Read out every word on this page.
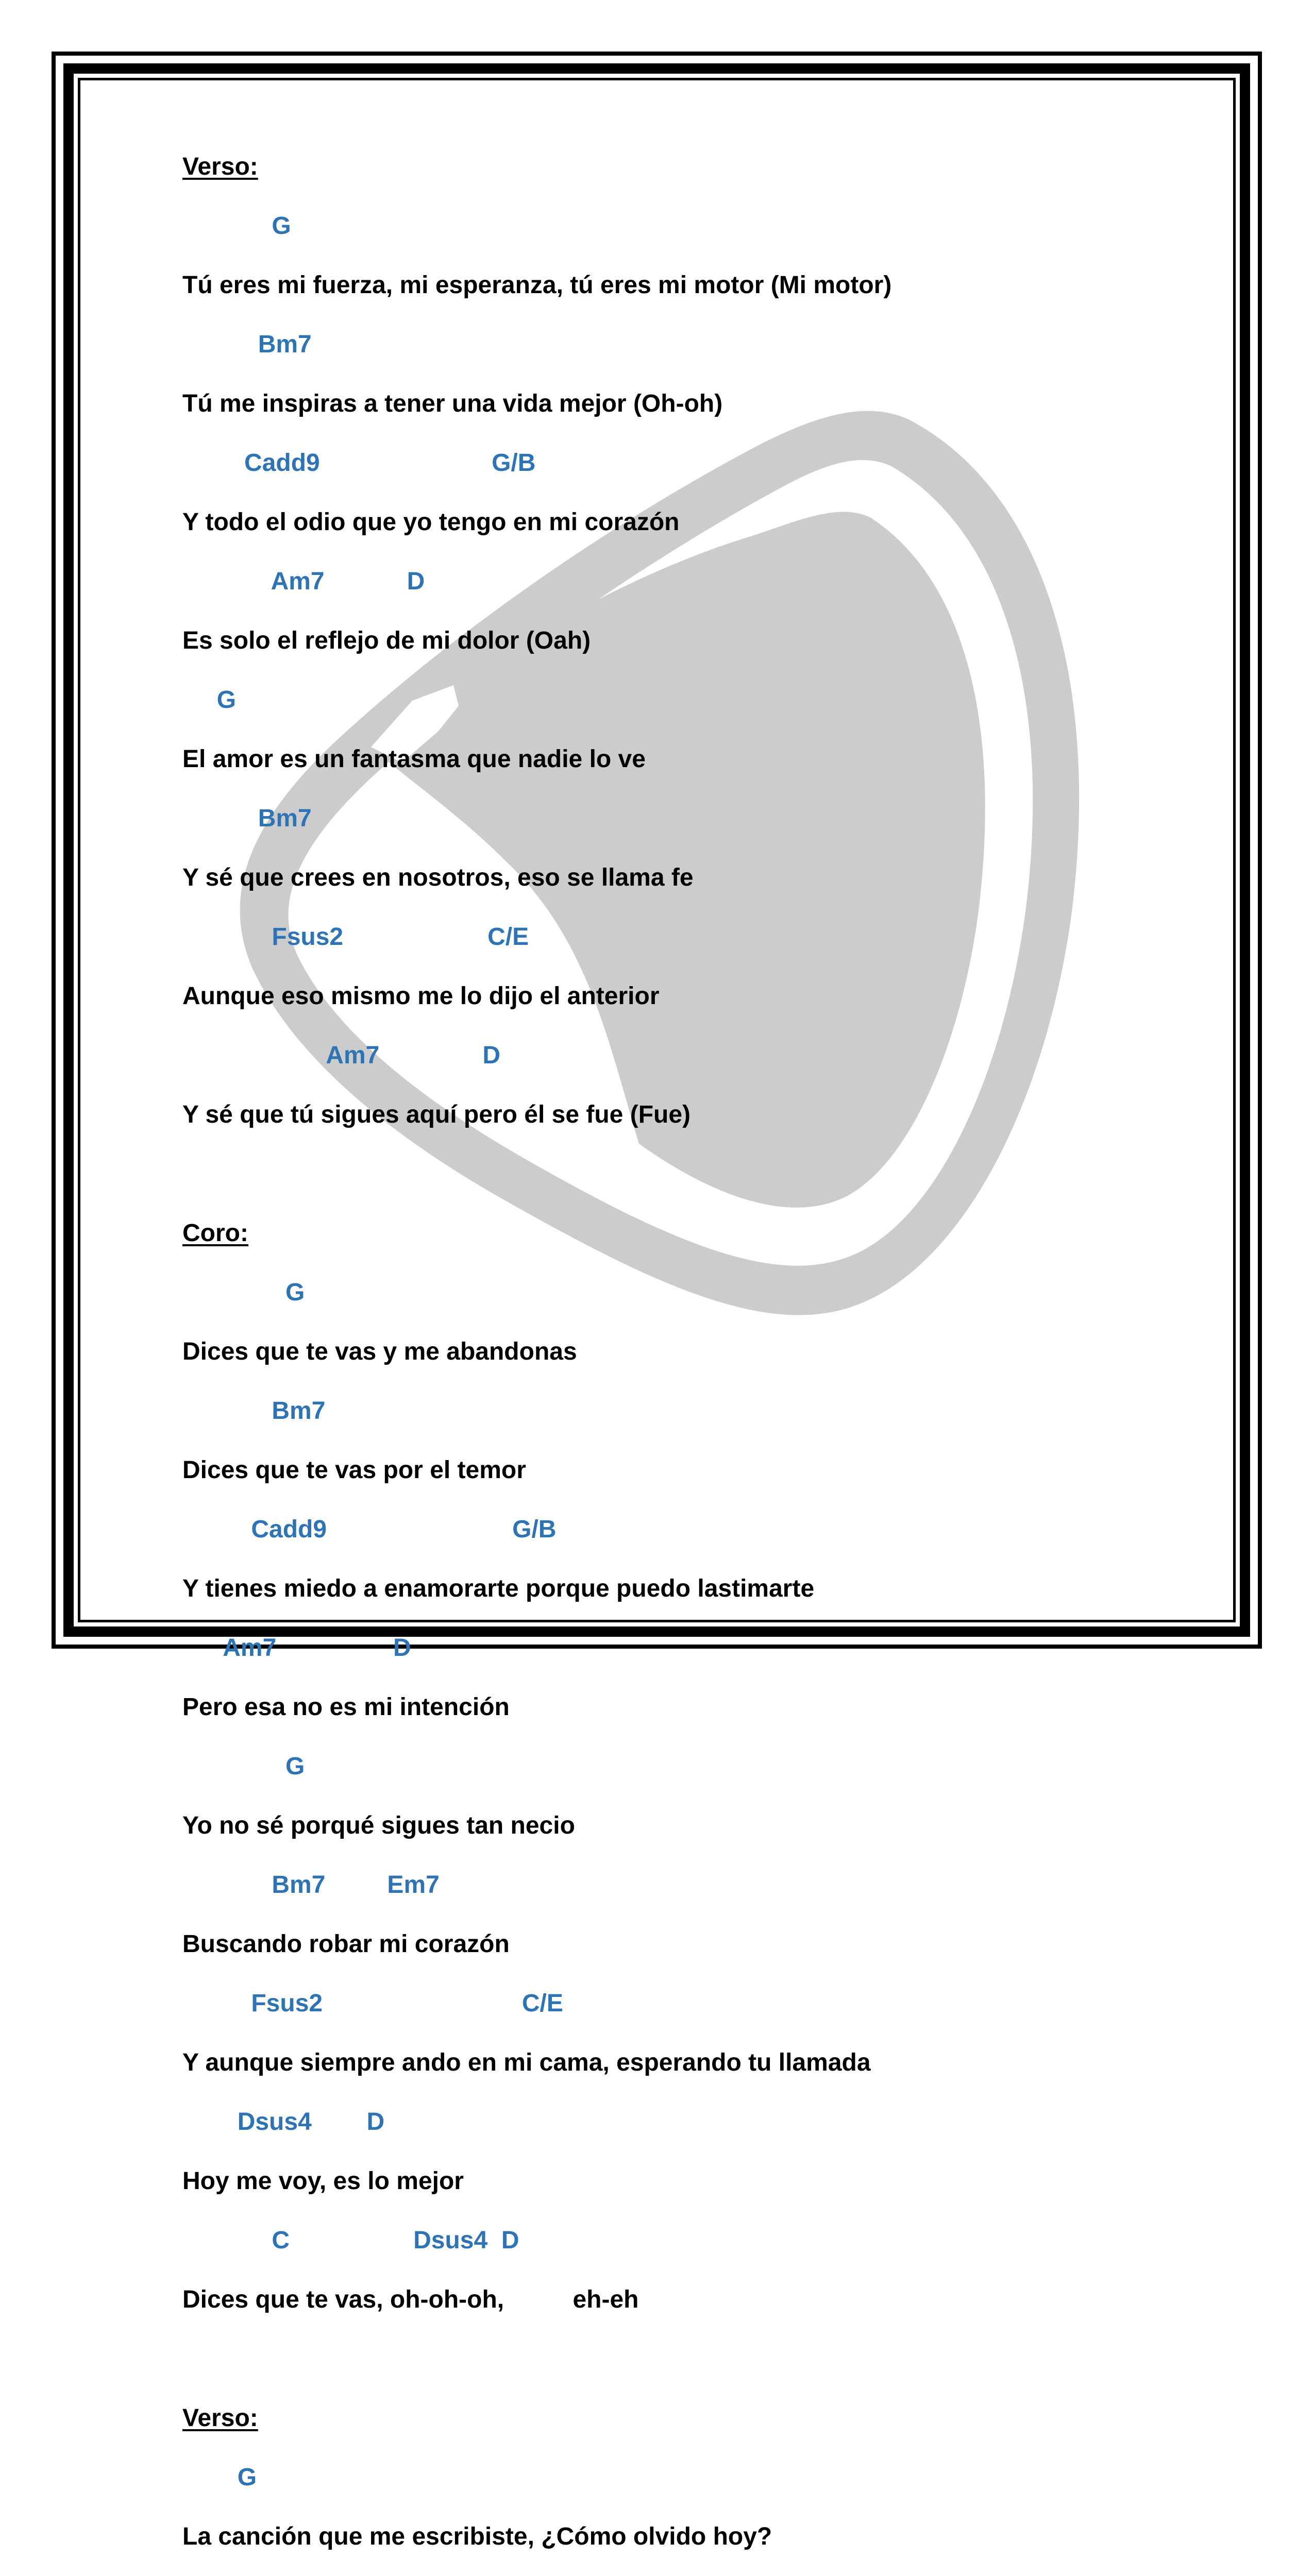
Verso:
G
Tú eres mi fuerza, mi esperanza, tú eres mi motor (Mi motor)
Bm7
Tú me inspiras a tener una vida mejor (Oh-oh)
Cadd9                         G/B
Y todo el odio que yo tengo en mi corazón
Am7            D
Es solo el reflejo de mi dolor (Oah)
G
El amor es un fantasma que nadie lo ve
Bm7
Y sé que crees en nosotros, eso se llama fe
Fsus2                     C/E
Aunque eso mismo me lo dijo el anterior
Am7               D
Y sé que tú sigues aquí pero él se fue (Fue)
Coro:
G
Dices que te vas y me abandonas
Bm7
Dices que te vas por el temor
Cadd9                           G/B
Y tienes miedo a enamorarte porque puedo lastimarte
Am7                 D
Pero esa no es mi intención
G
Yo no sé porqué sigues tan necio
Bm7         Em7
Buscando robar mi corazón
Fsus2                             C/E
Y aunque siempre ando en mi cama, esperando tu llamada
Dsus4        D
Hoy me voy, es lo mejor
C                  Dsus4  D
Dices que te vas, oh-oh-oh,          eh-eh
Verso:
G
La canción que me escribiste, ¿Cómo olvido hoy?
